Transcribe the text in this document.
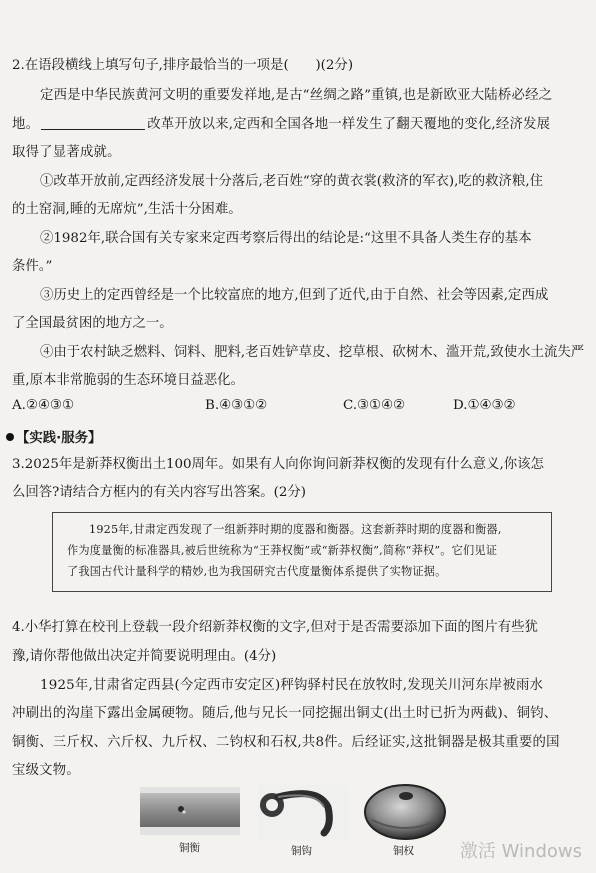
2.在语段横线上填写句子,排序最恰当的一项是(　　)(2分)
定西是中华民族黄河文明的重要发祥地,是古“丝绸之路”重镇,也是新欧亚大陆桥必经之
地。	改革开放以来,定西和全国各地一样发生了翻天覆地的变化,经济发展
取得了显著成就。
①改革开放前,定西经济发展十分落后,老百姓“穿的黄衣裳(救济的军衣),吃的救济粮,住
的土窑洞,睡的无席炕”,生活十分困难。
②1982年,联合国有关专家来定西考察后得出的结论是:“这里不具备人类生存的基本
条件。”
③历史上的定西曾经是一个比较富庶的地方,但到了近代,由于自然、社会等因素,定西成
了全国最贫困的地方之一。
④由于农村缺乏燃料、饲料、肥料,老百姓铲草皮、挖草根、砍树木、滥开荒,致使水土流失严
重,原本非常脆弱的生态环境日益恶化。
A.②④③①	B.④③①②	C.③①④②	D.①④③②
【实践·服务】
3.2025年是新莽权衡出土100周年。如果有人向你询问新莽权衡的发现有什么意义,你该怎
么回答?请结合方框内的有关内容写出答案。(2分)
1925年,甘肃定西发现了一组新莽时期的度器和衡器。这套新莽时期的度器和衡器,
作为度量衡的标准器具,被后世统称为“王莽权衡”或“新莽权衡”,简称“莽权”。它们见证
了我国古代计量科学的精妙,也为我国研究古代度量衡体系提供了实物证据。
4.小华打算在校刊上登载一段介绍新莽权衡的文字,但对于是否需要添加下面的图片有些犹
豫,请你帮他做出决定并简要说明理由。(4分)
1925年,甘肃省定西县(今定西市安定区)秤钩驿村民在放牧时,发现关川河东岸被雨水
冲刷出的沟崖下露出金属硬物。随后,他与兄长一同挖掘出铜丈(出土时已折为两截)、铜钧、
铜衡、三斤权、六斤权、九斤权、二钧权和石权,共8件。后经证实,这批铜器是极其重要的国
宝级文物。
铜衡	铜钩	铜权	激活 Windows
